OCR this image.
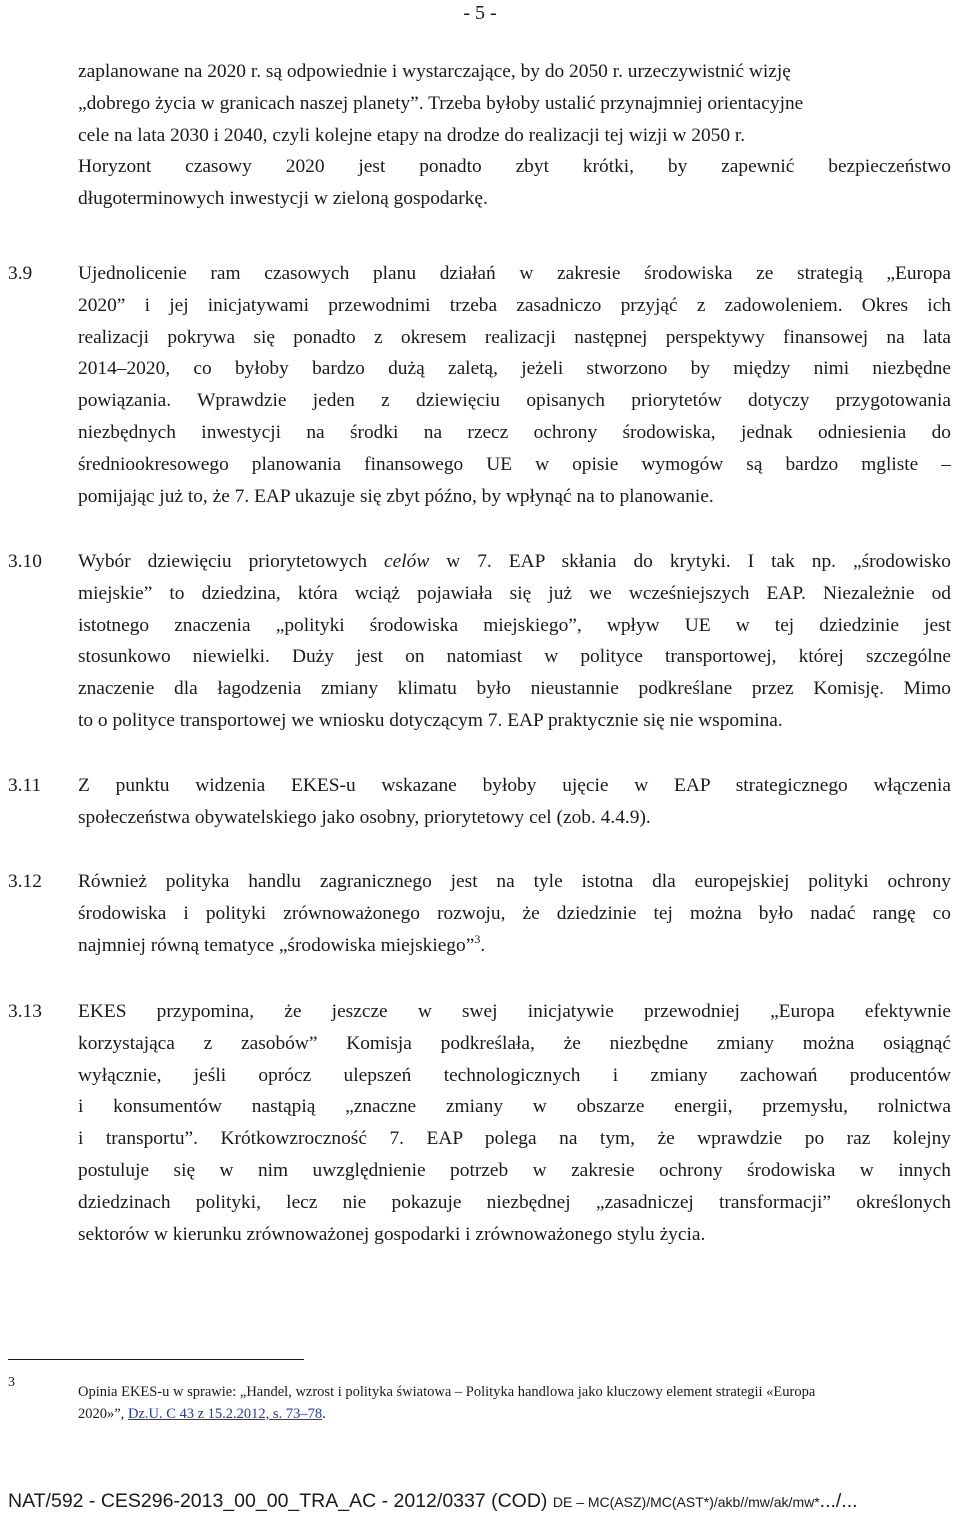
- 5 -
zaplanowane na 2020 r. są odpowiednie i wystarczające, by do 2050 r. urzeczywistnić wizję
„dobrego życia w granicach naszej planety”. Trzeba byłoby ustalić przynajmniej orientacyjne
cele na lata 2030 i 2040, czyli kolejne etapy na drodze do realizacji tej wizji w 2050 r.
Horyzont czasowy 2020 jest ponadto zbyt krótki, by zapewnić bezpieczeństwo
długoterminowych inwestycji w zieloną gospodarkę.
3.9 Ujednolicenie ram czasowych planu działań w zakresie środowiska ze strategią „Europa
2020” i jej inicjatywami przewodnimi trzeba zasadniczo przyjąć z zadowoleniem. Okres ich
realizacji pokrywa się ponadto z okresem realizacji następnej perspektywy finansowej na lata
2014–2020, co byłoby bardzo dużą zaletą, jeżeli stworzono by między nimi niezbędne
powiązania. Wprawdzie jeden z dziewięciu opisanych priorytetów dotyczy przygotowania
niezbędnych inwestycji na środki na rzecz ochrony środowiska, jednak odniesienia do
średniookresowego planowania finansowego UE w opisie wymogów są bardzo mgliste –
pomijając już to, że 7. EAP ukazuje się zbyt późno, by wpłynąć na to planowanie.
3.10 Wybór dziewięciu priorytetowych celów w 7. EAP skłania do krytyki. I tak np. „środowisko
miejskie” to dziedzina, która wciąż pojawiała się już we wcześniejszych EAP. Niezależnie od
istotnego znaczenia „polityki środowiska miejskiego”, wpływ UE w tej dziedzinie jest
stosunkowo niewielki. Duży jest on natomiast w polityce transportowej, której szczególne
znaczenie dla łagodzenia zmiany klimatu było nieustannie podkreślane przez Komisję. Mimo
to o polityce transportowej we wniosku dotyczącym 7. EAP praktycznie się nie wspomina.
3.11 Z punktu widzenia EKES-u wskazane byłoby ujęcie w EAP strategicznego włączenia
społeczeństwa obywatelskiego jako osobny, priorytetowy cel (zob. 4.4.9).
3.12 Również polityka handlu zagranicznego jest na tyle istotna dla europejskiej polityki ochrony
środowiska i polityki zrównoważonego rozwoju, że dziedzinie tej można było nadać rangę co
najmniej równą tematyce „środowiska miejskiego”$^3$.
3.13 EKES przypomina, że jeszcze w swej inicjatywie przewodniej „Europa efektywnie
korzystająca z zasobów” Komisja podkreślała, że niezbędne zmiany można osiągnąć
wyłącznie, jeśli oprócz ulepszeń technologicznych i zmiany zachowań producentów
i konsumentów nastąpią „znaczne zmiany w obszarze energii, przemysłu, rolnictwa
i transportu”. Krótkowzroczność 7. EAP polega na tym, że wprawdzie po raz kolejny
postuluje się w nim uwzględnienie potrzeb w zakresie ochrony środowiska w innych
dziedzinach polityki, lecz nie pokazuje niezbędnej „zasadniczej transformacji” określonych
sektorów w kierunku zrównoważonej gospodarki i zrównoważonego stylu życia.
3
Opinia EKES-u w sprawie: „Handel, wzrost i polityka światowa – Polityka handlowa jako kluczowy element strategii «Europa
2020»”, Dz.U. C 43 z 15.2.2012, s. 73–78.
NAT/592 - CES296-2013_00_00_TRA_AC - 2012/0337 (COD) DE – MC(ASZ)/MC(AST*)/akb//mw/ak/mw*.../...
